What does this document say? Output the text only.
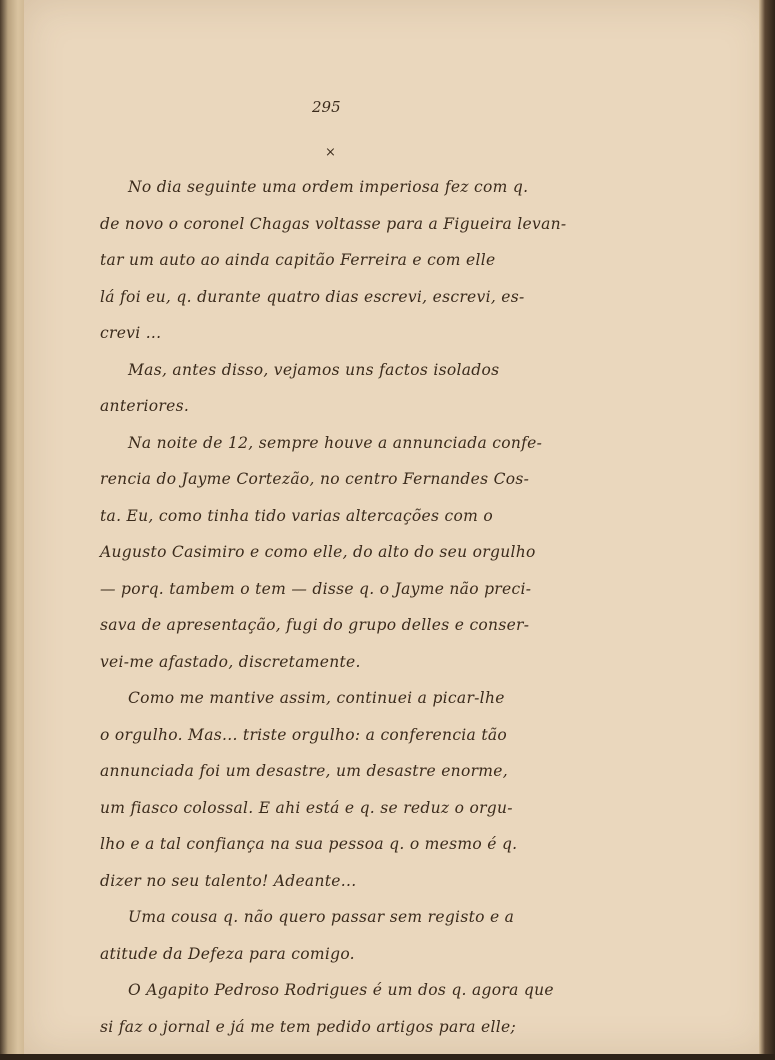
295
×
No dia seguinte uma ordem imperiosa fez com q.
de novo o coronel Chagas voltasse para a Figueira levan-
tar um auto ao ainda capitão Ferreira e com elle
lá foi eu, q. durante quatro dias escrevi, escrevi, es-
crevi ...
Mas, antes disso, vejamos uns factos isolados
anteriores.
Na noite de 12, sempre houve a annunciada confe-
rencia do Jayme Cortezão, no centro Fernandes Cos-
ta. Eu, como tinha tido varias altercações com o
Augusto Casimiro e como elle, do alto do seu orgulho
— porq. tambem o tem — disse q. o Jayme não preci-
sava de apresentação, fugi do grupo delles e conser-
vei-me afastado, discretamente.
Como me mantive assim, continuei a picar-lhe
o orgulho. Mas... triste orgulho: a conferencia tão
annunciada foi um desastre, um desastre enorme,
um fiasco colossal. E ahi está e q. se reduz o orgu-
lho e a tal confiança na sua pessoa q. o mesmo é q.
dizer no seu talento! Adeante...
Uma cousa q. não quero passar sem registo e a
atitude da Defeza para comigo.
O Agapito Pedroso Rodrigues é um dos q. agora que
si faz o jornal e já me tem pedido artigos para elle;
